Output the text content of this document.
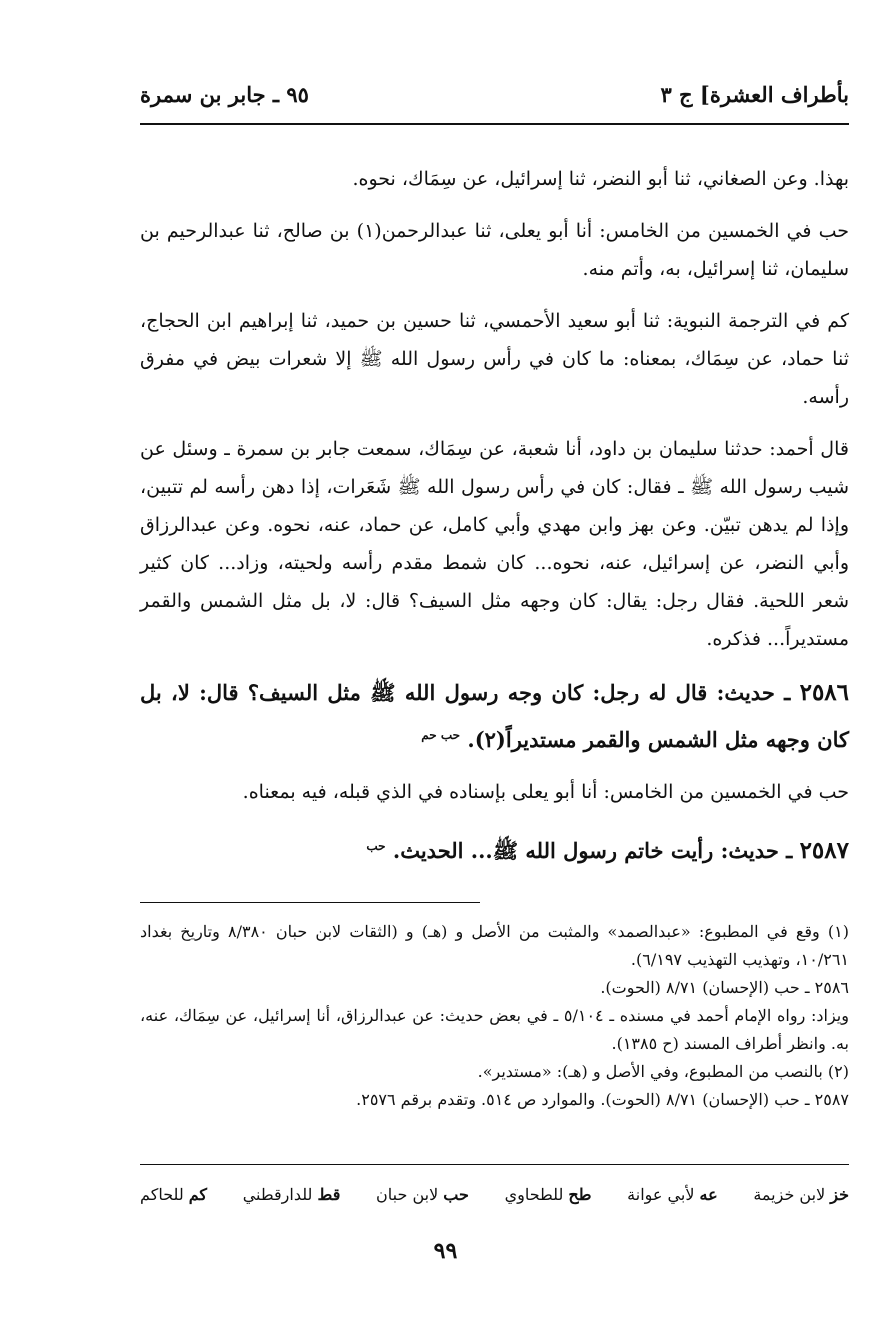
بأطراف العشرة] ج ٣
٩٥ ـ جابر بن سمرة

بهذا. وعن الصغاني، ثنا أبو النضر، ثنا إسرائيل، عن سِمَاك، نحوه.

حب في الخمسين من الخامس: أنا أبو يعلى، ثنا عبدالرحمن(١) بن صالح، ثنا عبدالرحيم بن سليمان، ثنا إسرائيل، به، وأتم منه.

كم في الترجمة النبوية: ثنا أبو سعيد الأحمسي، ثنا حسين بن حميد، ثنا إبراهيم ابن الحجاج، ثنا حماد، عن سِمَاك، بمعناه: ما كان في رأس رسول الله ﷺ إلا شعرات بيض في مفرق رأسه.

قال أحمد: حدثنا سليمان بن داود، أنا شعبة، عن سِمَاك، سمعت جابر بن سمرة ـ وسئل عن شيب رسول الله ﷺ ـ فقال: كان في رأس رسول الله ﷺ شَعَرات، إذا دهن رأسه لم تتبين، وإذا لم يدهن تبيّن. وعن بهز وابن مهدي وأبي كامل، عن حماد، عنه، نحوه. وعن عبدالرزاق وأبي النضر، عن إسرائيل، عنه، نحوه... كان شمط مقدم رأسه ولحيته، وزاد... كان كثير شعر اللحية. فقال رجل: يقال: كان وجهه مثل السيف؟ قال: لا، بل مثل الشمس والقمر مستديراً... فذكره.

٢٥٨٦ ـ حديث: قال له رجل: كان وجه رسول الله ﷺ مثل السيف؟ قال: لا، بل كان وجهه مثل الشمس والقمر مستديراً(٢). $^{حب حم}$

حب في الخمسين من الخامس: أنا أبو يعلى بإسناده في الذي قبله، فيه بمعناه.

٢٥٨٧ ـ حديث: رأيت خاتم رسول الله ﷺ... الحديث. $^{حب}$

(١) وقع في المطبوع: «عبدالصمد» والمثبت من الأصل و (هـ) و (الثقات لابن حبان ٨/٣٨٠ وتاريخ بغداد ١٠/٢٦١، وتهذيب التهذيب ٦/١٩٧).

٢٥٨٦ ـ حب (الإحسان) ٨/٧١ (الحوت).

ويزاد: رواه الإمام أحمد في مسنده ـ ٥/١٠٤ ـ في بعض حديث: عن عبدالرزاق، أنا إسرائيل، عن سِمَاك، عنه، به. وانظر أطراف المسند (ح ١٣٨٥).

(٢) بالنصب من المطبوع، وفي الأصل و (هـ): «مستدير».

٢٥٨٧ ـ حب (الإحسان) ٨/٧١ (الحوت). والموارد ص ٥١٤. وتقدم برقم ٢٥٧٦.

خز لابن خزيمة
عه لأبي عوانة
طح للطحاوي
حب لابن حبان
قط للدارقطني
كم للحاكم
٩٩
